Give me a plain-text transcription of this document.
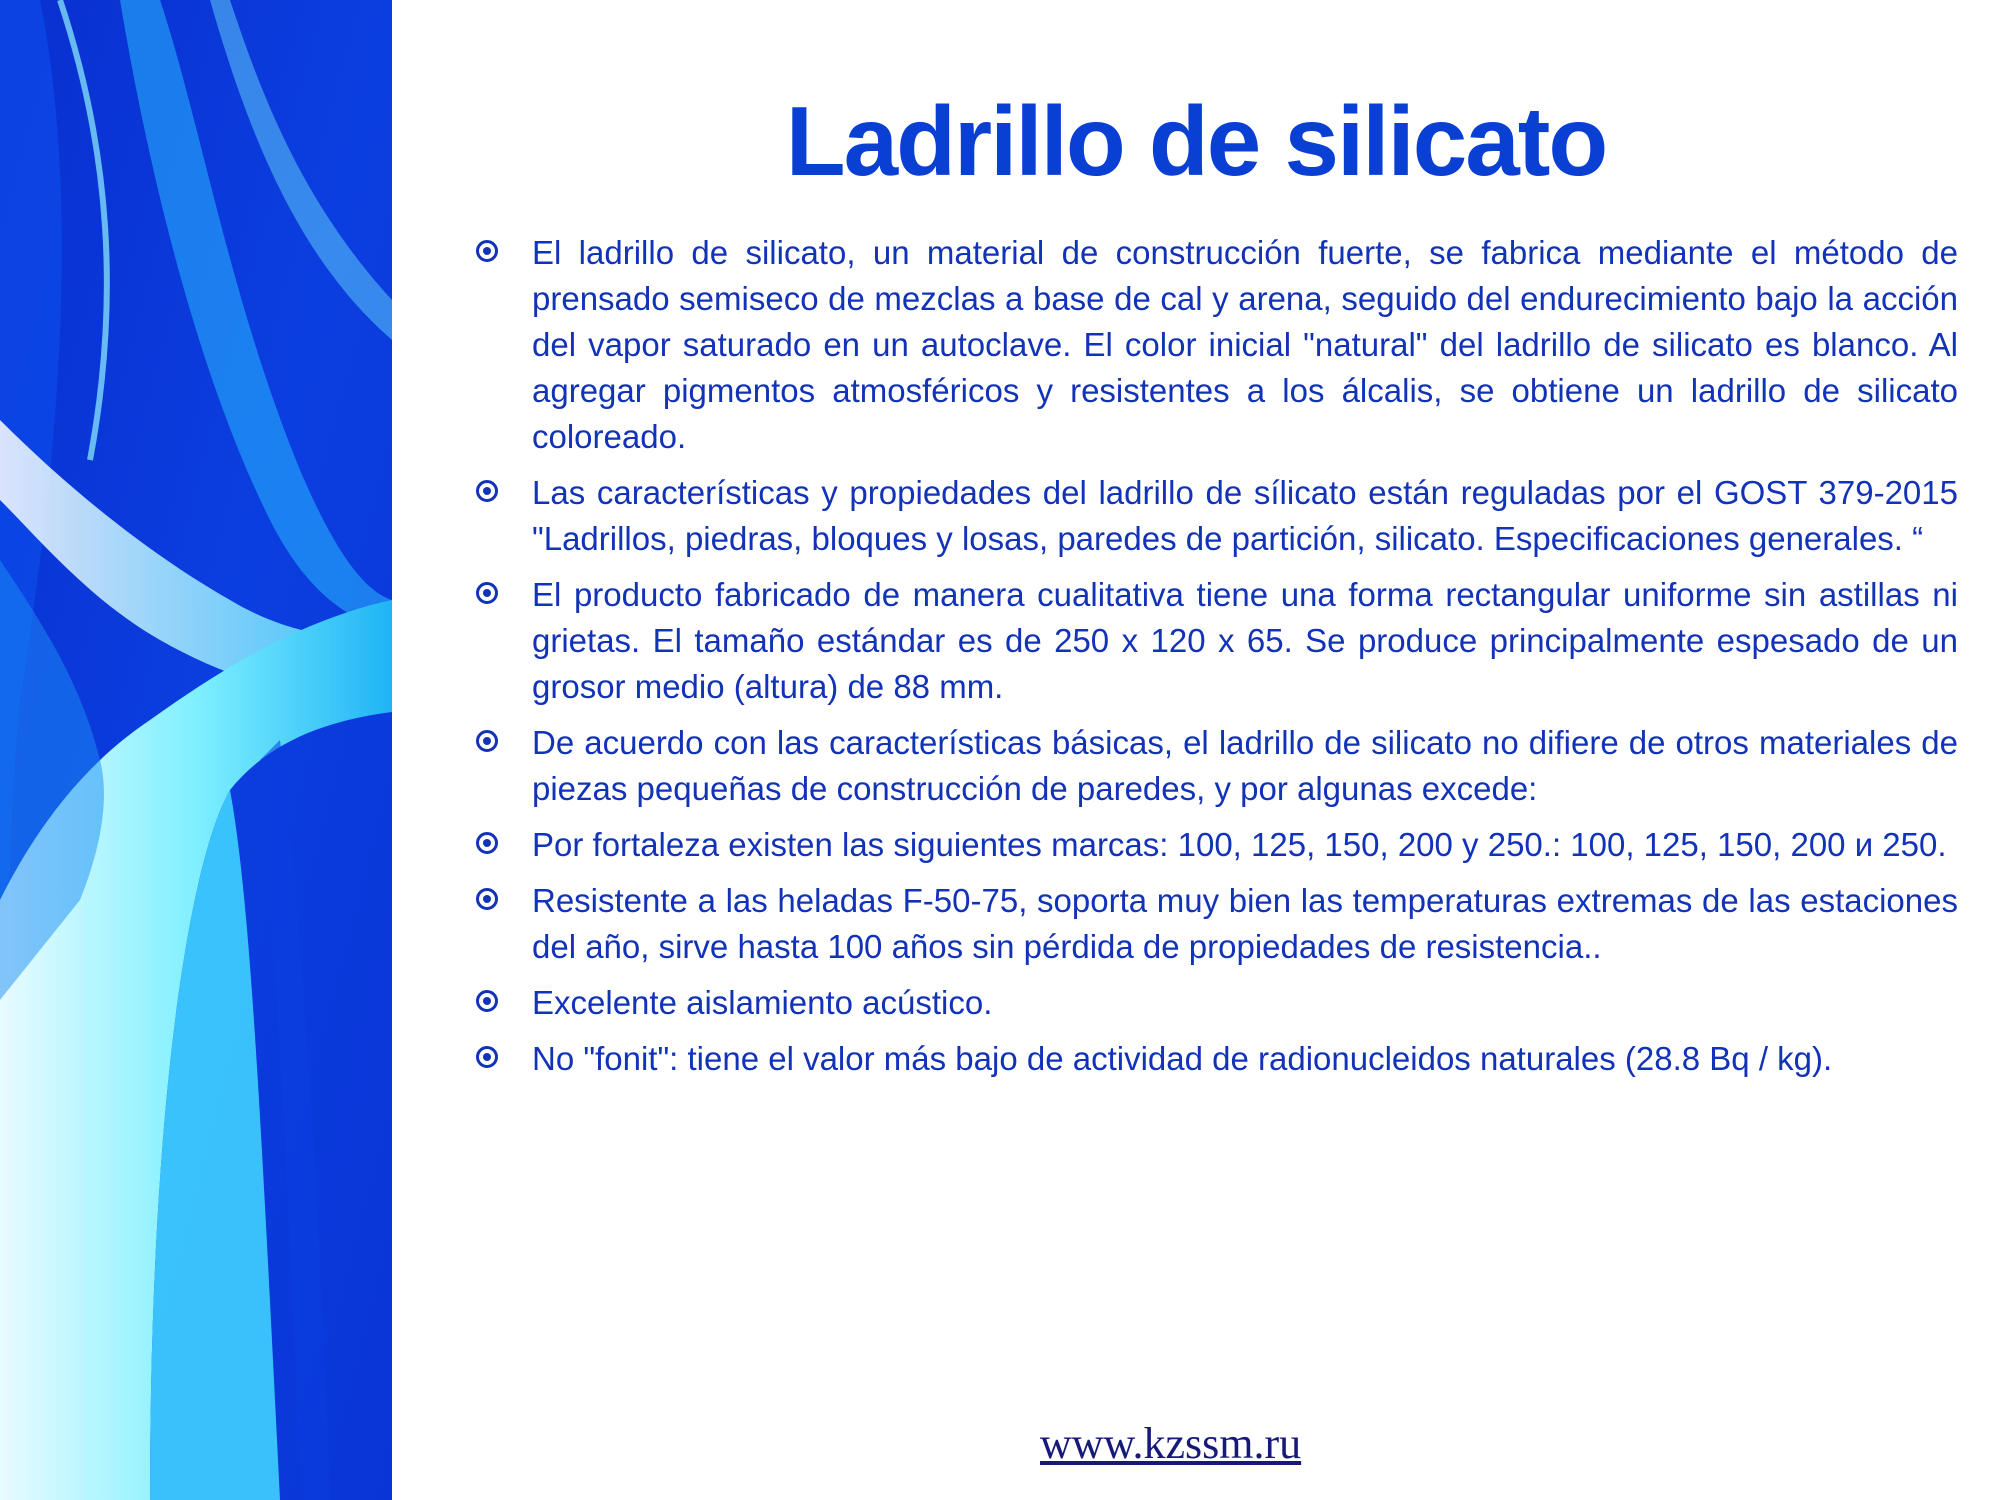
Ladrillo de silicato
El ladrillo de silicato, un material de construcción fuerte, se fabrica mediante el método de prensado semiseco de mezclas a base de cal y arena, seguido del endurecimiento bajo la acción del vapor saturado en un autoclave. El color inicial "natural" del ladrillo de silicato es blanco. Al agregar pigmentos atmosféricos y resistentes a los álcalis, se obtiene un ladrillo de silicato coloreado.
Las características y propiedades del ladrillo de sílicato están reguladas por el GOST 379-2015 "Ladrillos, piedras, bloques y losas, paredes de partición, silicato. Especificaciones generales. “
El producto fabricado de manera cualitativa tiene una forma rectangular uniforme sin astillas ni grietas. El tamaño estándar es de 250 x 120 x 65. Se produce principalmente espesado de un grosor medio (altura) de 88 mm.
De acuerdo con las características básicas, el ladrillo de silicato no difiere de otros materiales de piezas pequeñas de construcción de paredes, y por algunas excede:
Por fortaleza existen las siguientes marcas: 100, 125, 150, 200 y 250.: 100, 125, 150, 200 и 250.
Resistente a las heladas F-50-75, soporta muy bien las temperaturas extremas de las estaciones del año, sirve hasta 100 años sin pérdida de propiedades de resistencia..
Excelente aislamiento acústico.
No "fonit": tiene el valor más bajo de actividad de radionucleidos naturales (28.8 Bq / kg).
www.kzssm.ru
